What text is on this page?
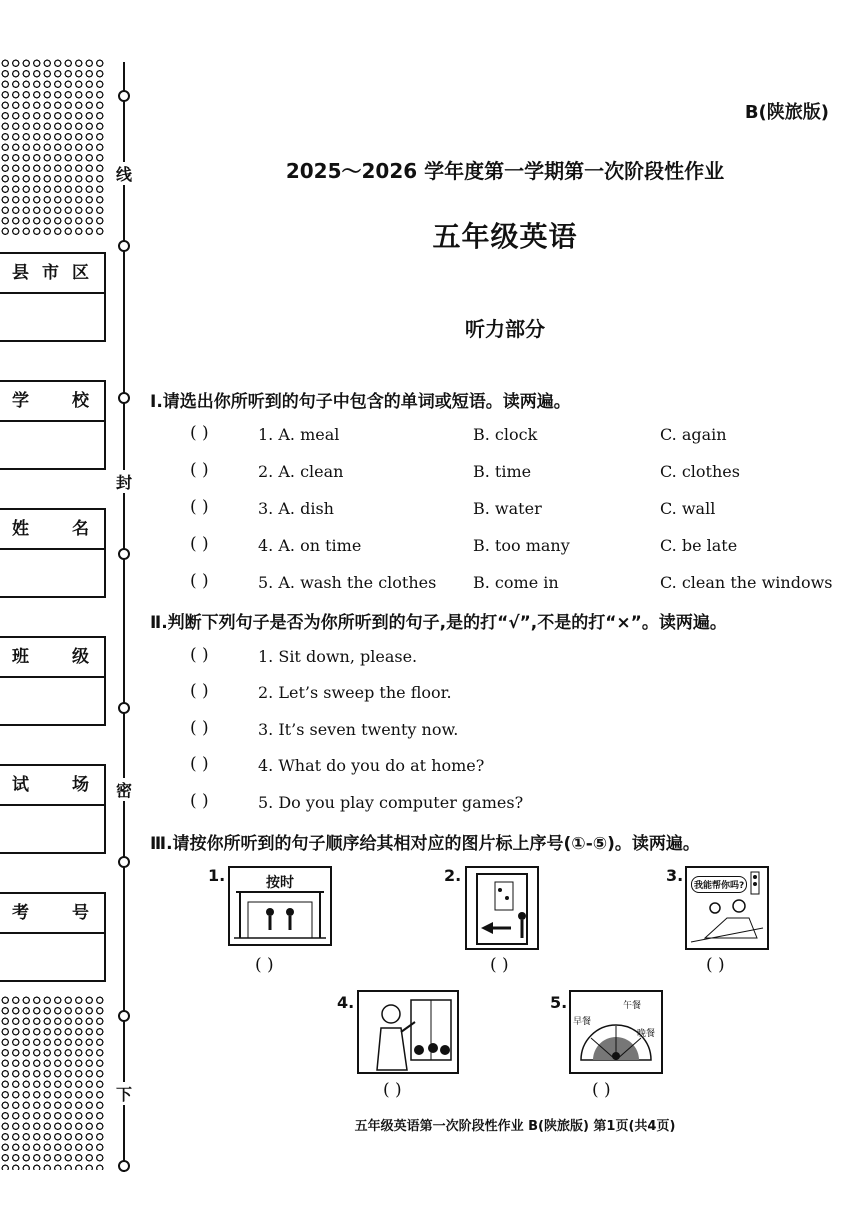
线
封
密
下
县 市 区
学 校
姓 名
班 级
试 场
考 号
B(陕旅版)
2025～2026 学年度第一学期第一次阶段性作业
五年级英语
听力部分
Ⅰ.请选出你所听到的句子中包含的单词或短语。读两遍。
( )	1. A. meal	B. clock	C. again
( )	2. A. clean	B. time	C. clothes
( )	3. A. dish	B. water	C. wall
( )	4. A. on time	B. too many	C. be late
( )	5. A. wash the clothes B. come in	C. clean the windows
Ⅱ.判断下列句子是否为你所听到的句子,是的打“√”,不是的打“×”。读两遍。
( )	1. Sit down, please.
( )	2. Let’s sweep the floor.
( )	3. It’s seven twenty now.
( )	4. What do you do at home?
( )	5. Do you play computer games?
Ⅲ.请按你所听到的句子顺序给其相对应的图片标上序号(①-⑤)。读两遍。
1.	按时
( )
2.
( )
3.
我能帮你吗?
( )
4.
( )
5.
早餐
午餐
晚餐
( )
五年级英语第一次阶段性作业 B(陕旅版) 第1页(共4页)
